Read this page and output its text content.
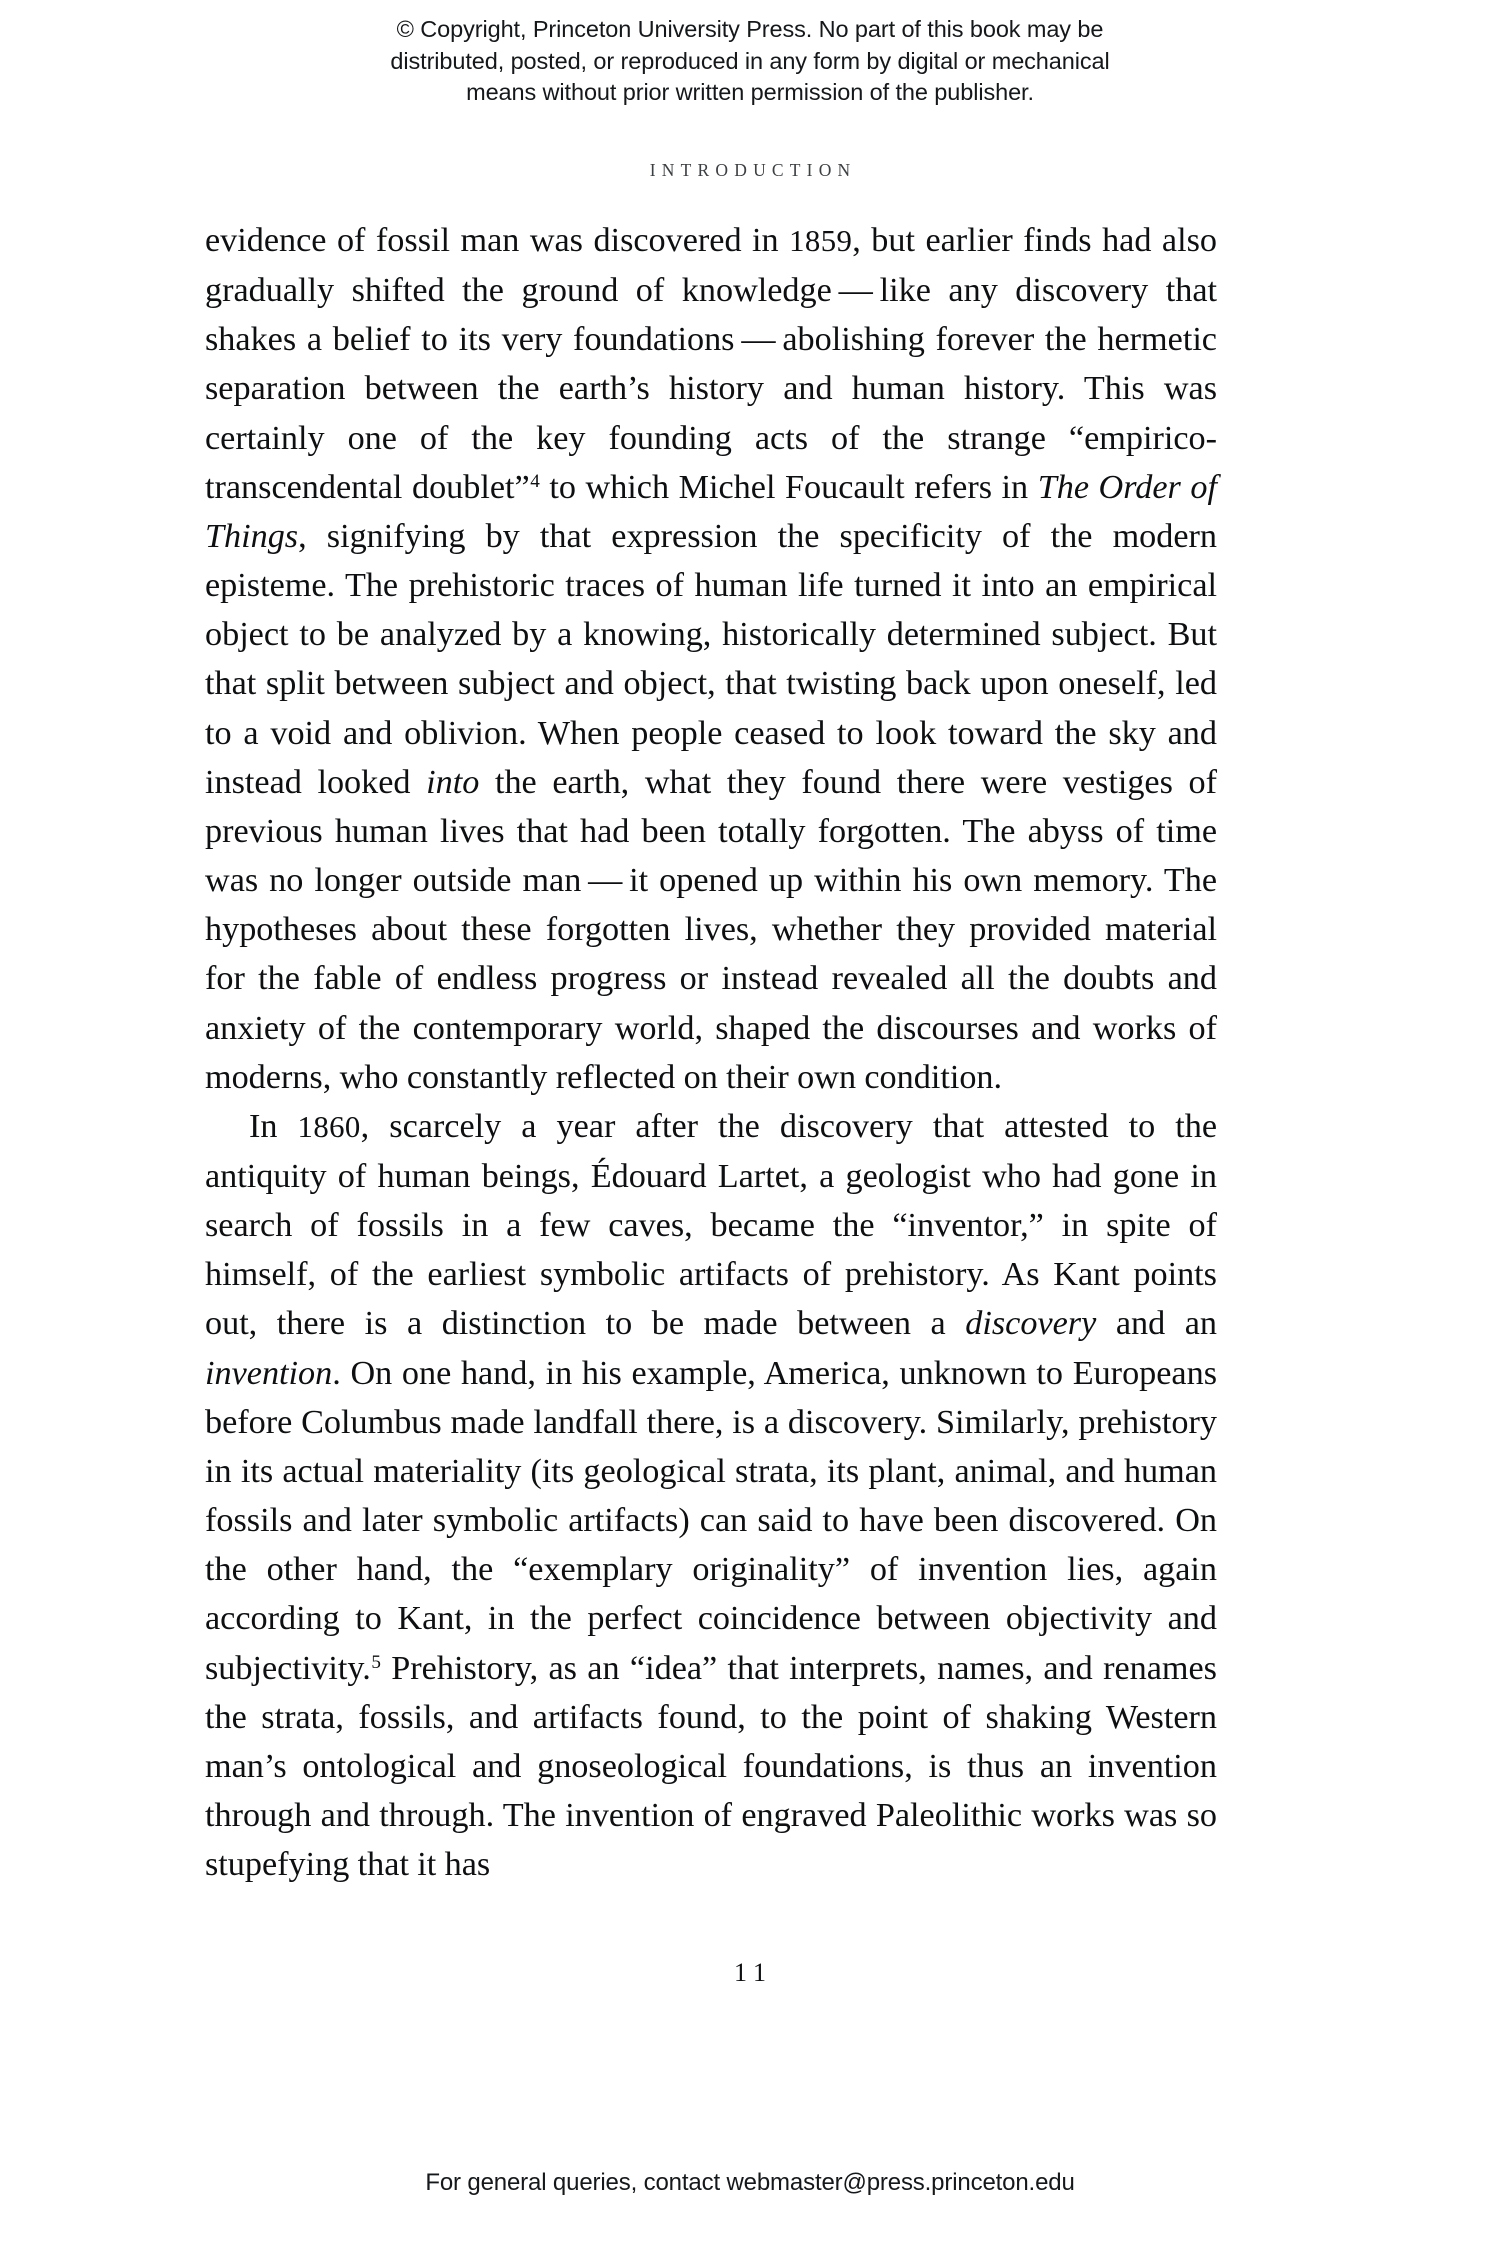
© Copyright, Princeton University Press. No part of this book may be
distributed, posted, or reproduced in any form by digital or mechanical
means without prior written permission of the publisher.
INTRODUCTION

evidence of fossil man was discovered in 1859, but earlier finds had also gradually shifted the ground of knowledge — like any discovery that shakes a belief to its very foundations — abolishing forever the hermetic separation between the earth’s history and human history. This was certainly one of the key founding acts of the strange “empirico-transcendental doublet”$^4$ to which Michel Foucault refers in The Order of Things, signifying by that expression the specificity of the modern episteme. The prehistoric traces of human life turned it into an empirical object to be analyzed by a knowing, historically determined subject. But that split between subject and object, that twisting back upon oneself, led to a void and oblivion. When people ceased to look toward the sky and instead looked into the earth, what they found there were vestiges of previous human lives that had been totally forgotten. The abyss of time was no longer outside man — it opened up within his own memory. The hypotheses about these forgotten lives, whether they provided material for the fable of endless progress or instead revealed all the doubts and anxiety of the contemporary world, shaped the discourses and works of moderns, who constantly reflected on their own condition.

In 1860, scarcely a year after the discovery that attested to the antiquity of human beings, Édouard Lartet, a geologist who had gone in search of fossils in a few caves, became the “inventor,” in spite of himself, of the earliest symbolic artifacts of prehistory. As Kant points out, there is a distinction to be made between a discovery and an invention. On one hand, in his example, America, unknown to Europeans before Columbus made landfall there, is a discovery. Similarly, prehistory in its actual materiality (its geological strata, its plant, animal, and human fossils and later symbolic artifacts) can said to have been discovered. On the other hand, the “exemplary originality” of invention lies, again according to Kant, in the perfect coincidence between objectivity and subjectivity.$^5$ Prehistory, as an “idea” that interprets, names, and renames the strata, fossils, and artifacts found, to the point of shaking Western man’s ontological and gnoseological foundations, is thus an invention through and through. The invention of engraved Paleolithic works was so stupefying that it has

11
For general queries, contact webmaster@press.princeton.edu
